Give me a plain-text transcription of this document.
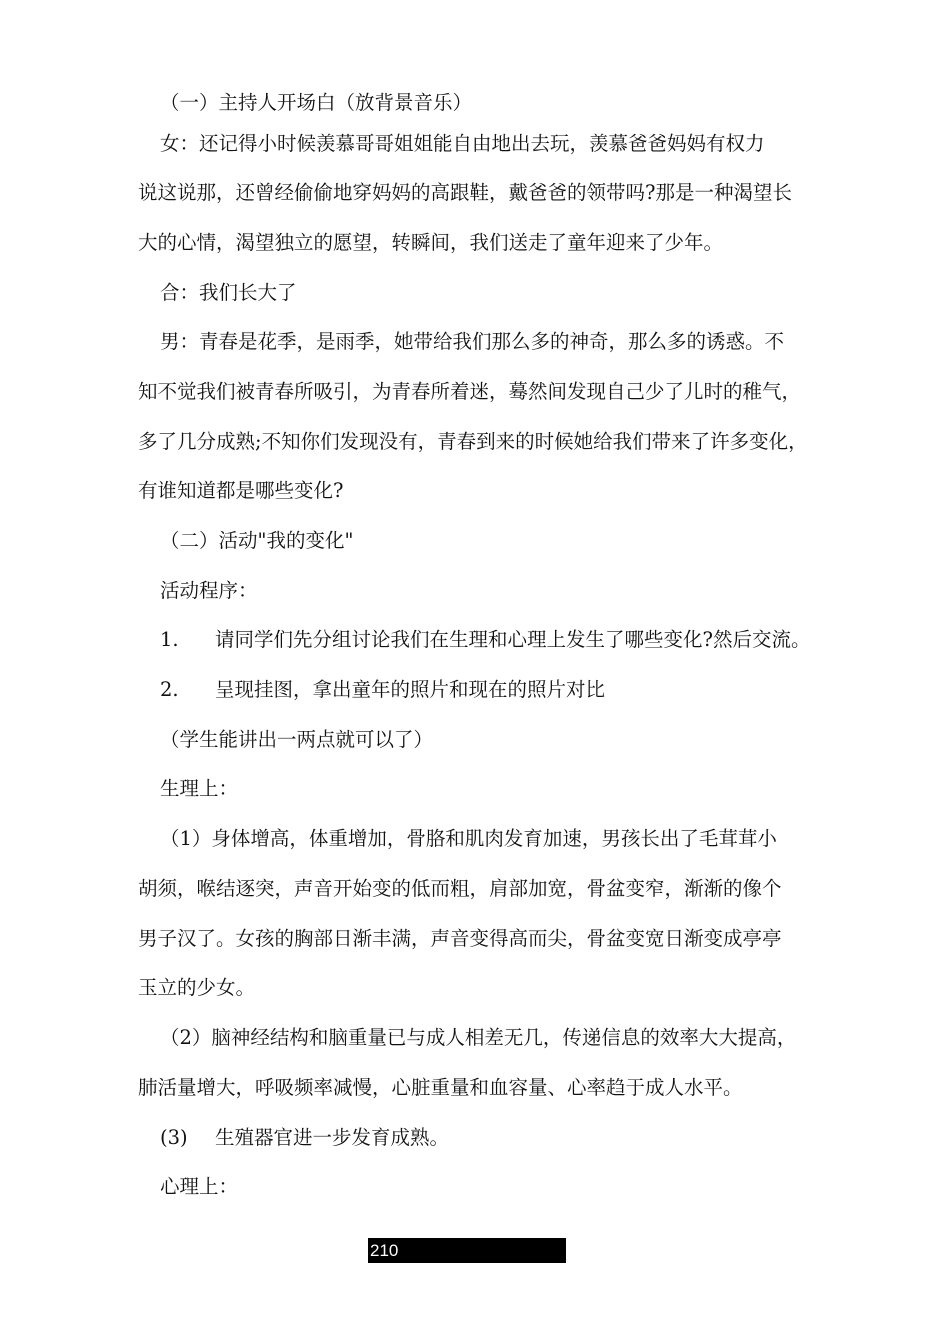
（一）主持人开场白（放背景音乐）
女：还记得小时候羡慕哥哥姐姐能自由地出去玩，羡慕爸爸妈妈有权力
说这说那，还曾经偷偷地穿妈妈的高跟鞋，戴爸爸的领带吗?那是一种渴望长
大的心情，渴望独立的愿望，转瞬间，我们送走了童年迎来了少年。
合：我们长大了
男：青春是花季，是雨季，她带给我们那么多的神奇，那么多的诱惑。不
知不觉我们被青春所吸引，为青春所着迷，蓦然间发现自己少了儿时的稚气，
多了几分成熟;不知你们发现没有，青春到来的时候她给我们带来了许多变化，
有谁知道都是哪些变化?
（二）活动"我的变化"
活动程序：
1. 请同学们先分组讨论我们在生理和心理上发生了哪些变化?然后交流。
2. 呈现挂图，拿出童年的照片和现在的照片对比
（学生能讲出一两点就可以了）
生理上：
（1）身体增高，体重增加，骨胳和肌肉发育加速，男孩长出了毛茸茸小
胡须，喉结逐突，声音开始变的低而粗，肩部加宽，骨盆变窄，渐渐的像个
男子汉了。女孩的胸部日渐丰满，声音变得高而尖，骨盆变宽日渐变成亭亭
玉立的少女。
（2）脑神经结构和脑重量已与成人相差无几，传递信息的效率大大提高，
肺活量增大，呼吸频率减慢，心脏重量和血容量、心率趋于成人水平。
(3) 生殖器官进一步发育成熟。
心理上：
210
